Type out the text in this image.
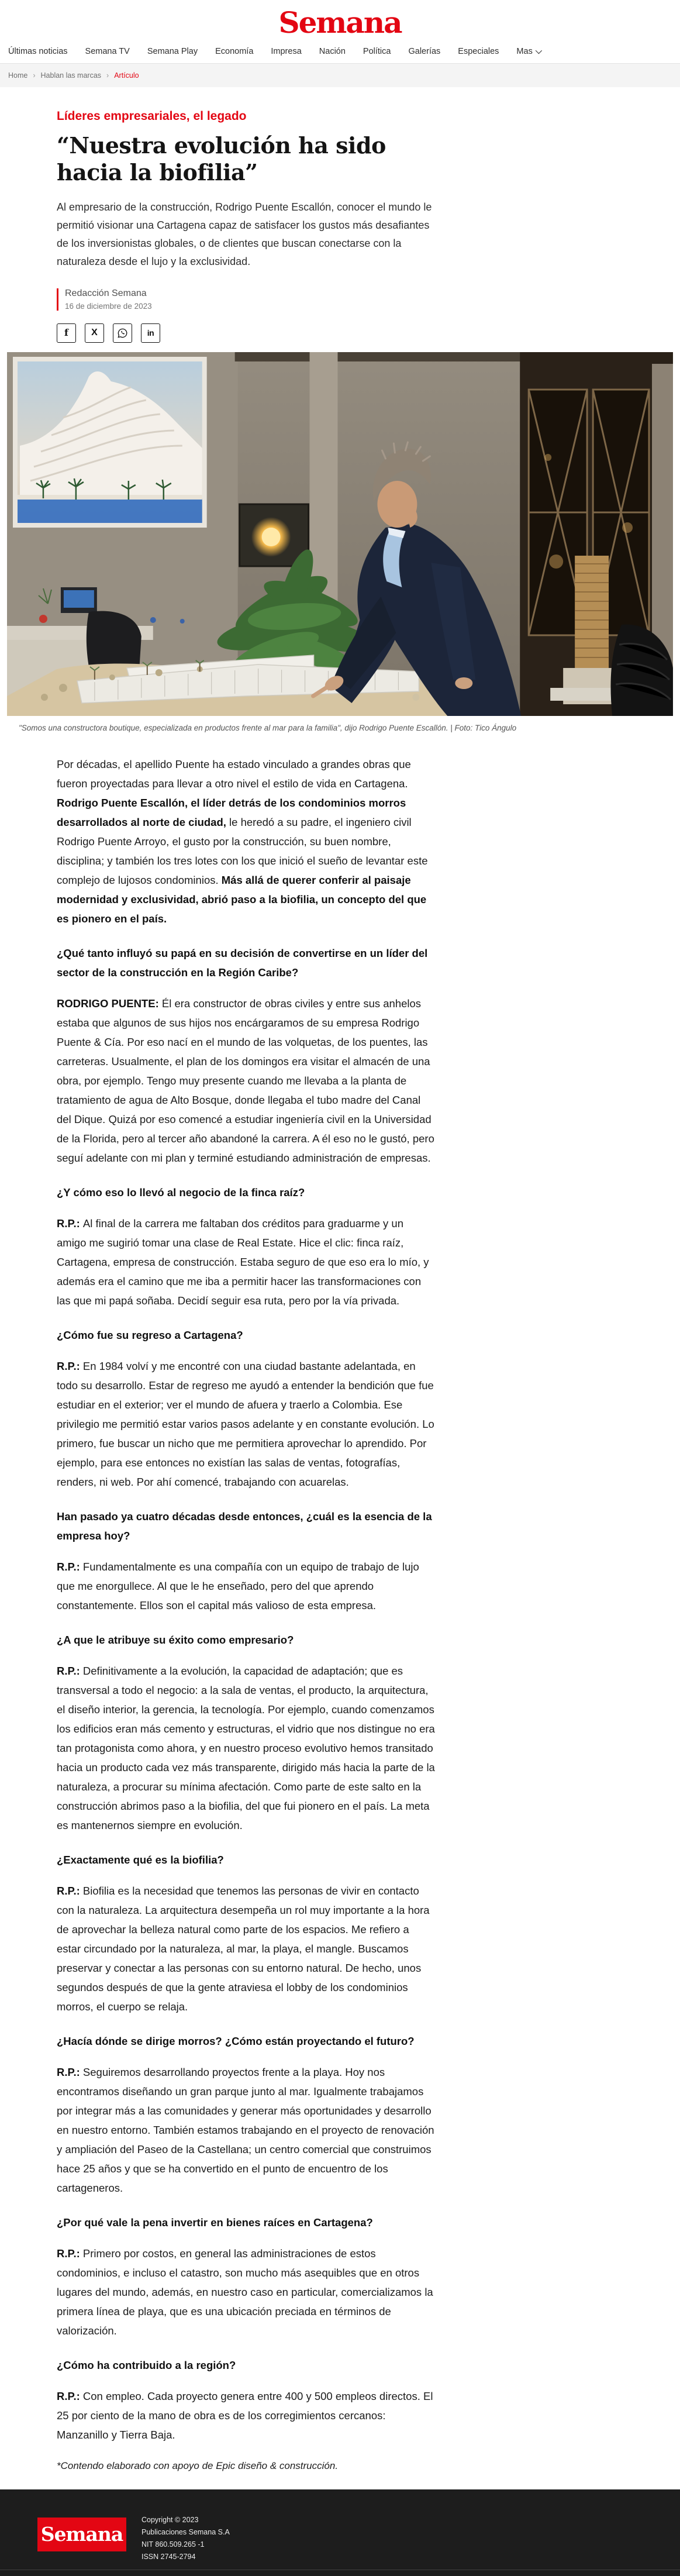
Semana
Últimas noticias Semana TV Semana Play Economía Impresa Nación Política Galerías Especiales Mas
Home › Hablan las marcas › Artículo
Líderes empresariales, el legado
“Nuestra evolución ha sido hacia la biofilia”
Al empresario de la construcción, Rodrigo Puente Escallón, conocer el mundo le permitió visionar una Cartagena capaz de satisfacer los gustos más desafiantes de los inversionistas globales, o de clientes que buscan conectarse con la naturaleza desde el lujo y la exclusividad.
Redacción Semana
16 de diciembre de 2023
f X	in
"Somos una constructora boutique, especializada en productos frente al mar para la familia", dijo Rodrigo Puente Escallón. | Foto: Tico Ángulo

Por décadas, el apellido Puente ha estado vinculado a grandes obras que fueron proyectadas para llevar a otro nivel el estilo de vida en Cartagena. Rodrigo Puente Escallón, el líder detrás de los condominios morros desarrollados al norte de ciudad, le heredó a su padre, el ingeniero civil Rodrigo Puente Arroyo, el gusto por la construcción, su buen nombre, disciplina; y también los tres lotes con los que inició el sueño de levantar este complejo de lujosos condominios. Más allá de querer conferir al paisaje modernidad y exclusividad, abrió paso a la biofilia, un concepto del que es pionero en el país.

¿Qué tanto influyó su papá en su decisión de convertirse en un líder del sector de la construcción en la Región Caribe?

RODRIGO PUENTE: Él era constructor de obras civiles y entre sus anhelos estaba que algunos de sus hijos nos encárgaramos de su empresa Rodrigo Puente & Cía. Por eso nací en el mundo de las volquetas, de los puentes, las carreteras. Usualmente, el plan de los domingos era visitar el almacén de una obra, por ejemplo. Tengo muy presente cuando me llevaba a la planta de tratamiento de agua de Alto Bosque, donde llegaba el tubo madre del Canal del Dique. Quizá por eso comencé a estudiar ingeniería civil en la Universidad de la Florida, pero al tercer año abandoné la carrera. A él eso no le gustó, pero seguí adelante con mi plan y terminé estudiando administración de empresas.

¿Y cómo eso lo llevó al negocio de la finca raíz?

R.P.: Al final de la carrera me faltaban dos créditos para graduarme y un amigo me sugirió tomar una clase de Real Estate. Hice el clic: finca raíz, Cartagena, empresa de construcción. Estaba seguro de que eso era lo mío, y además era el camino que me iba a permitir hacer las transformaciones con las que mi papá soñaba. Decidí seguir esa ruta, pero por la vía privada.

¿Cómo fue su regreso a Cartagena?

R.P.: En 1984 volví y me encontré con una ciudad bastante adelantada, en todo su desarrollo. Estar de regreso me ayudó a entender la bendición que fue estudiar en el exterior; ver el mundo de afuera y traerlo a Colombia. Ese privilegio me permitió estar varios pasos adelante y en constante evolución. Lo primero, fue buscar un nicho que me permitiera aprovechar lo aprendido. Por ejemplo, para ese entonces no existían las salas de ventas, fotografías, renders, ni web. Por ahí comencé, trabajando con acuarelas.

Han pasado ya cuatro décadas desde entonces, ¿cuál es la esencia de la empresa hoy?

R.P.: Fundamentalmente es una compañía con un equipo de trabajo de lujo que me enorgullece. Al que le he enseñado, pero del que aprendo constantemente. Ellos son el capital más valioso de esta empresa.

¿A que le atribuye su éxito como empresario?

R.P.: Definitivamente a la evolución, la capacidad de adaptación; que es transversal a todo el negocio: a la sala de ventas, el producto, la arquitectura, el diseño interior, la gerencia, la tecnología. Por ejemplo, cuando comenzamos los edificios eran más cemento y estructuras, el vidrio que nos distingue no era tan protagonista como ahora, y en nuestro proceso evolutivo hemos transitado hacia un producto cada vez más transparente, dirigido más hacia la parte de la naturaleza, a procurar su mínima afectación. Como parte de este salto en la construcción abrimos paso a la biofilia, del que fui pionero en el país. La meta es mantenernos siempre en evolución.

¿Exactamente qué es la biofilia?

R.P.: Biofilia es la necesidad que tenemos las personas de vivir en contacto con la naturaleza. La arquitectura desempeña un rol muy importante a la hora de aprovechar la belleza natural como parte de los espacios. Me refiero a estar circundado por la naturaleza, al mar, la playa, el mangle. Buscamos preservar y conectar a las personas con su entorno natural. De hecho, unos segundos después de que la gente atraviesa el lobby de los condominios morros, el cuerpo se relaja.

¿Hacía dónde se dirige morros? ¿Cómo están proyectando el futuro?

R.P.: Seguiremos desarrollando proyectos frente a la playa. Hoy nos encontramos diseñando un gran parque junto al mar. Igualmente trabajamos por integrar más a las comunidades y generar más oportunidades y desarrollo en nuestro entorno. También estamos trabajando en el proyecto de renovación y ampliación del Paseo de la Castellana; un centro comercial que construimos hace 25 años y que se ha convertido en el punto de encuentro de los cartageneros.

¿Por qué vale la pena invertir en bienes raíces en Cartagena?

R.P.: Primero por costos, en general las administraciones de estos condominios, e incluso el catastro, son mucho más asequibles que en otros lugares del mundo, además, en nuestro caso en particular, comercializamos la primera línea de playa, que es una ubicación preciada en términos de valorización.

¿Cómo ha contribuido a la región?

R.P.: Con empleo. Cada proyecto genera entre 400 y 500 empleos directos. El 25 por ciento de la mano de obra es de los corregimientos cercanos: Manzanillo y Tierra Baja.

*Contendo elaborado con apoyo de Epic diseño & construcción.

Semana
Copyright © 2023
Publicaciones Semana S.A
NIT 860.509.265 -1
ISSN 2745-2794
